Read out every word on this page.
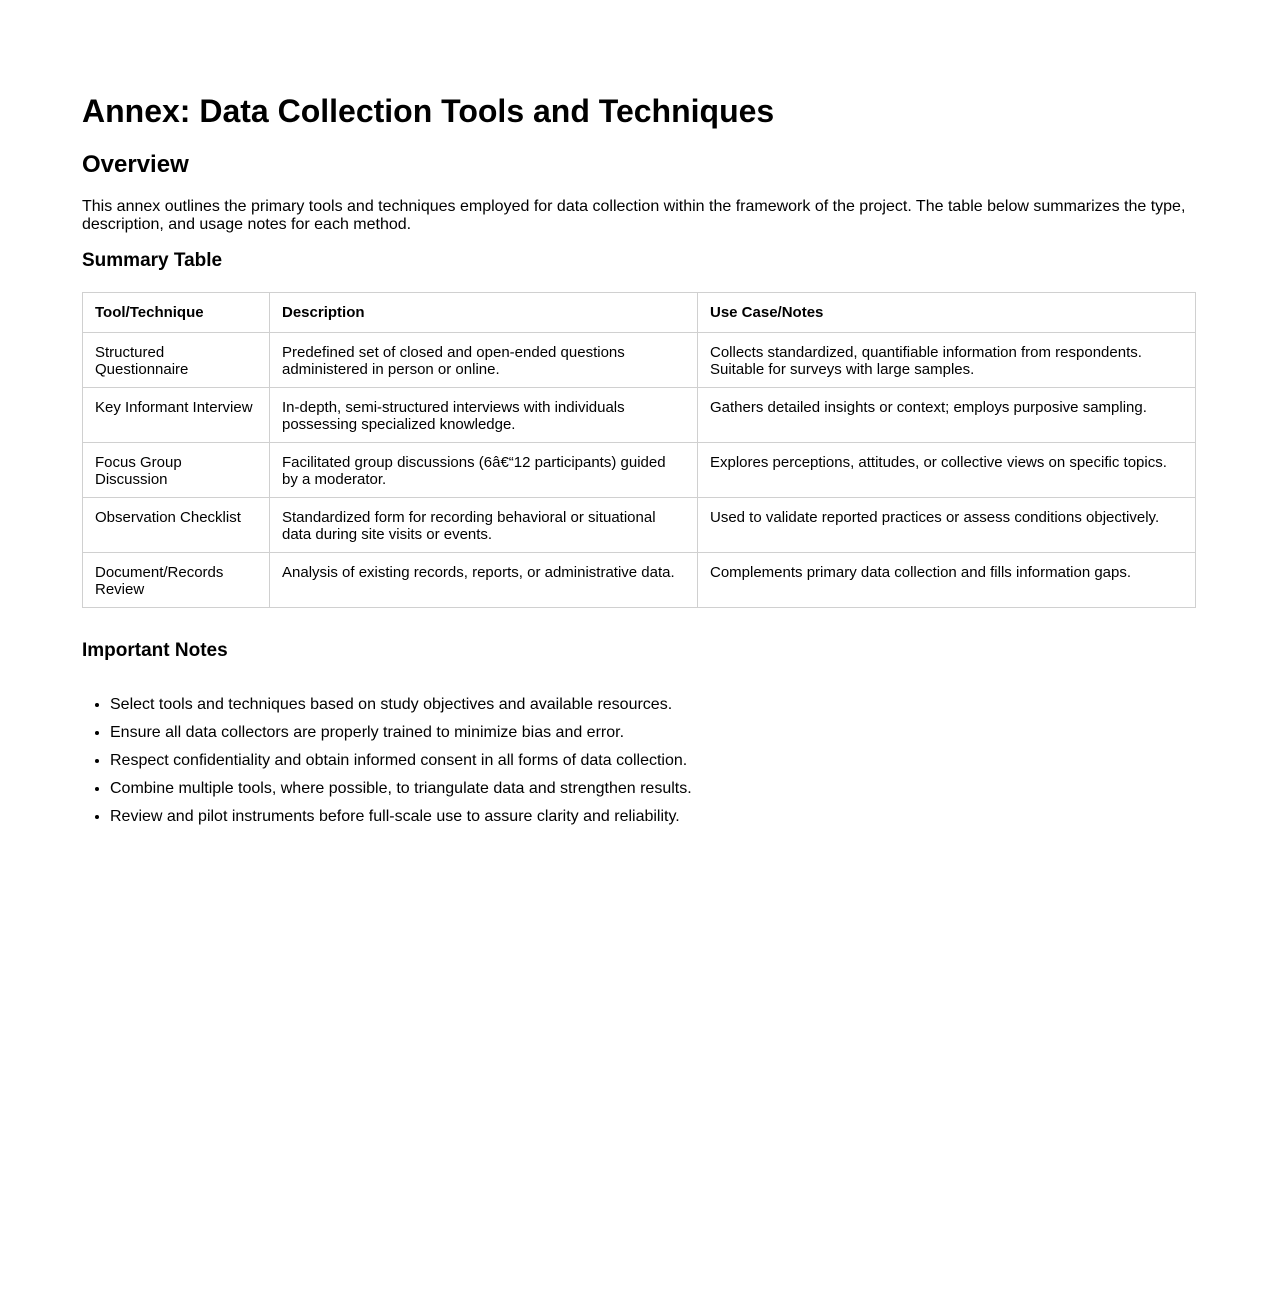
Annex: Data Collection Tools and Techniques
Overview

This annex outlines the primary tools and techniques employed for data collection within the framework of the project. The table below summarizes the type, description, and usage notes for each method.

Summary Table
Tool/Technique	Description	Use Case/Notes
Structured Questionnaire	Predefined set of closed and open-ended questions administered in person or online.	Collects standardized, quantifiable information from respondents. Suitable for surveys with large samples.
Key Informant Interview	In-depth, semi-structured interviews with individuals possessing specialized knowledge.	Gathers detailed insights or context; employs purposive sampling.
Focus Group Discussion	Facilitated group discussions (6â€“12 participants) guided by a moderator.	Explores perceptions, attitudes, or collective views on specific topics.
Observation Checklist	Standardized form for recording behavioral or situational data during site visits or events.	Used to validate reported practices or assess conditions objectively.
Document/Records Review	Analysis of existing records, reports, or administrative data.	Complements primary data collection and fills information gaps.
Important Notes
• Select tools and techniques based on study objectives and available resources.
• Ensure all data collectors are properly trained to minimize bias and error.
• Respect confidentiality and obtain informed consent in all forms of data collection.
• Combine multiple tools, where possible, to triangulate data and strengthen results.
• Review and pilot instruments before full-scale use to assure clarity and reliability.
